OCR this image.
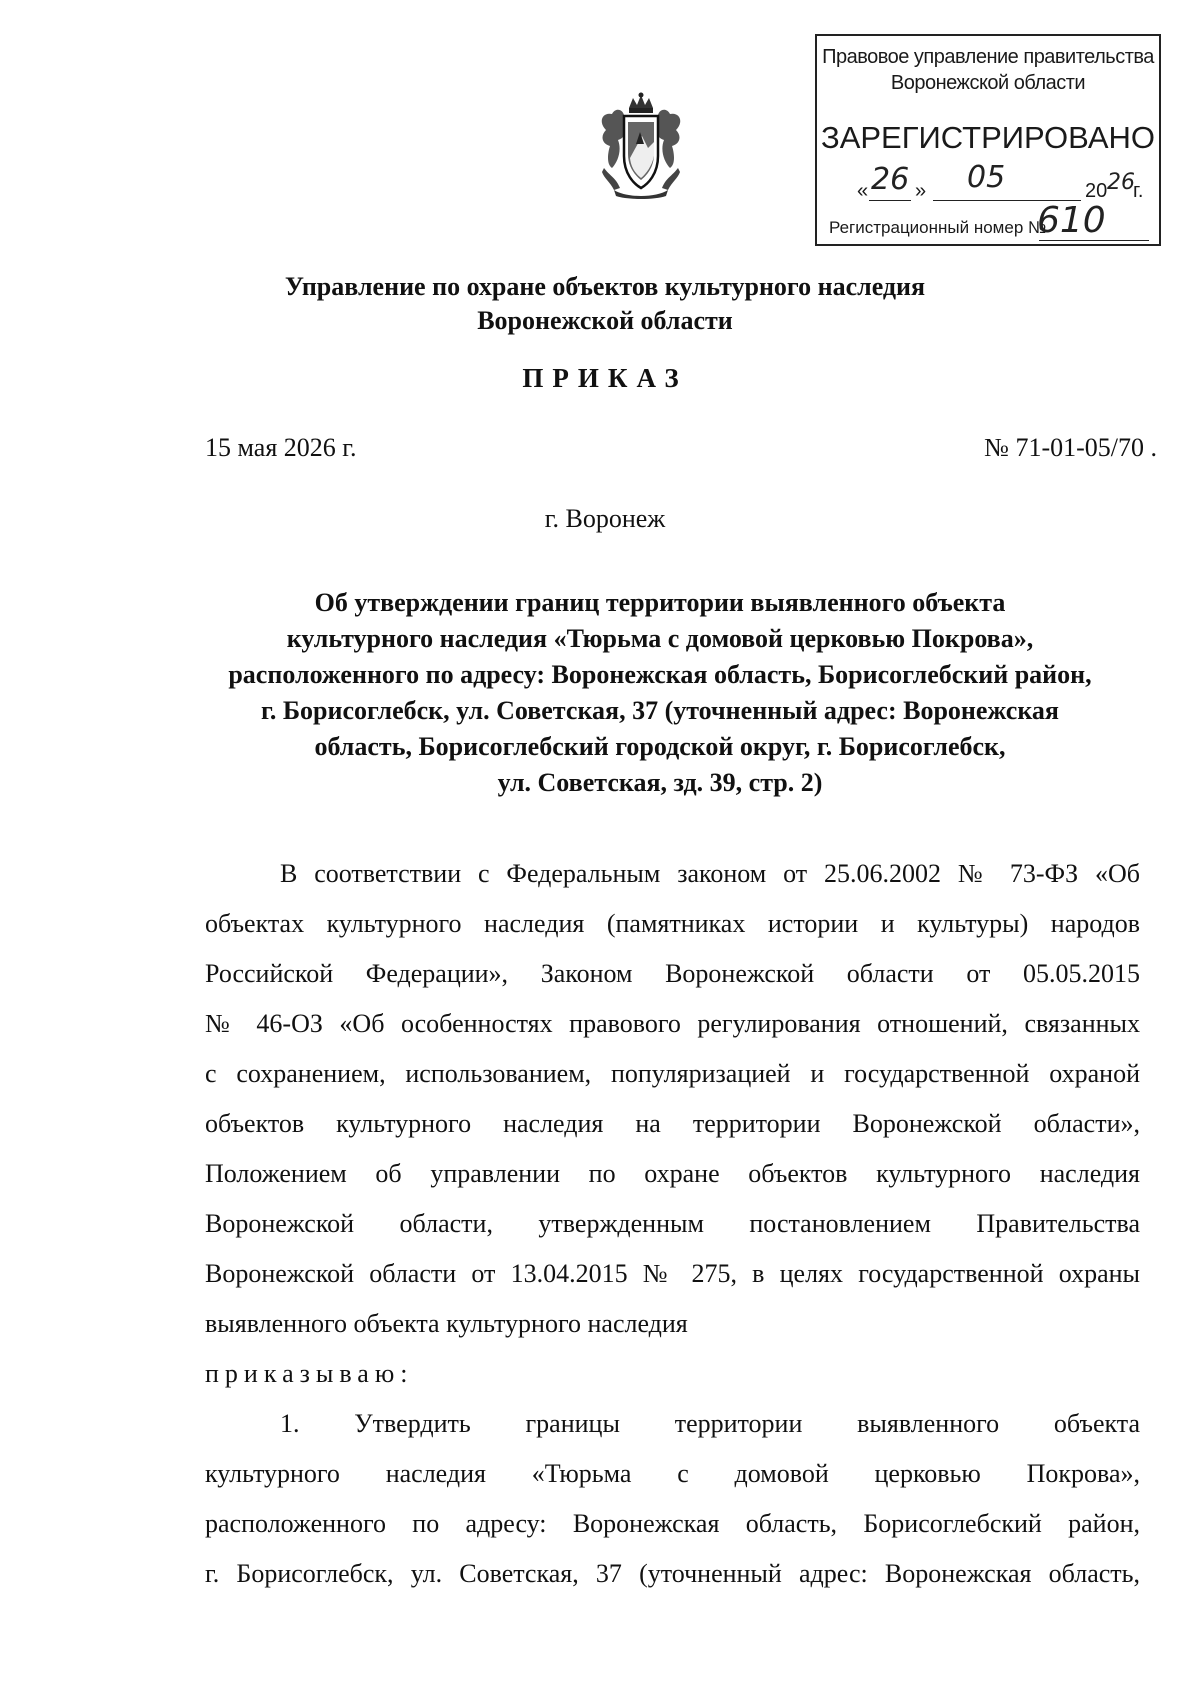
Правовое управление правительства
Воронежской области
ЗАРЕГИСТРИРОВАНО
« 26 » 05	20 26
г.
Регистрационный номер №
610
Управление по охране объектов культурного наследия
Воронежской области
ПРИКАЗ
15 мая 2026 г.	№ 71-01-05/70 .
г. Воронеж
Об утверждении границ территории выявленного объекта
культурного наследия «Тюрьма с домовой церковью Покрова»,
расположенного по адресу: Воронежская область, Борисоглебский район,
г. Борисоглебск, ул. Советская, 37 (уточненный адрес: Воронежская
область, Борисоглебский городской округ, г. Борисоглебск,
ул. Советская, зд. 39, стр. 2)
В соответствии с Федеральным законом от 25.06.2002 № 73-ФЗ «Об
объектах культурного наследия (памятниках истории и культуры) народов
Российской Федерации», Законом Воронежской области от 05.05.2015
№ 46-ОЗ «Об особенностях правового регулирования отношений, связанных
с сохранением, использованием, популяризацией и государственной охраной
объектов культурного наследия на территории Воронежской области»,
Положением об управлении по охране объектов культурного наследия
Воронежской области, утвержденным постановлением Правительства
Воронежской области от 13.04.2015 № 275, в целях государственной охраны
выявленного объекта культурного наследия
приказываю:
1. Утвердить границы территории выявленного объекта
культурного наследия «Тюрьма с домовой церковью Покрова»,
расположенного по адресу: Воронежская область, Борисоглебский район,
г. Борисоглебск, ул. Советская, 37 (уточненный адрес: Воронежская область,
